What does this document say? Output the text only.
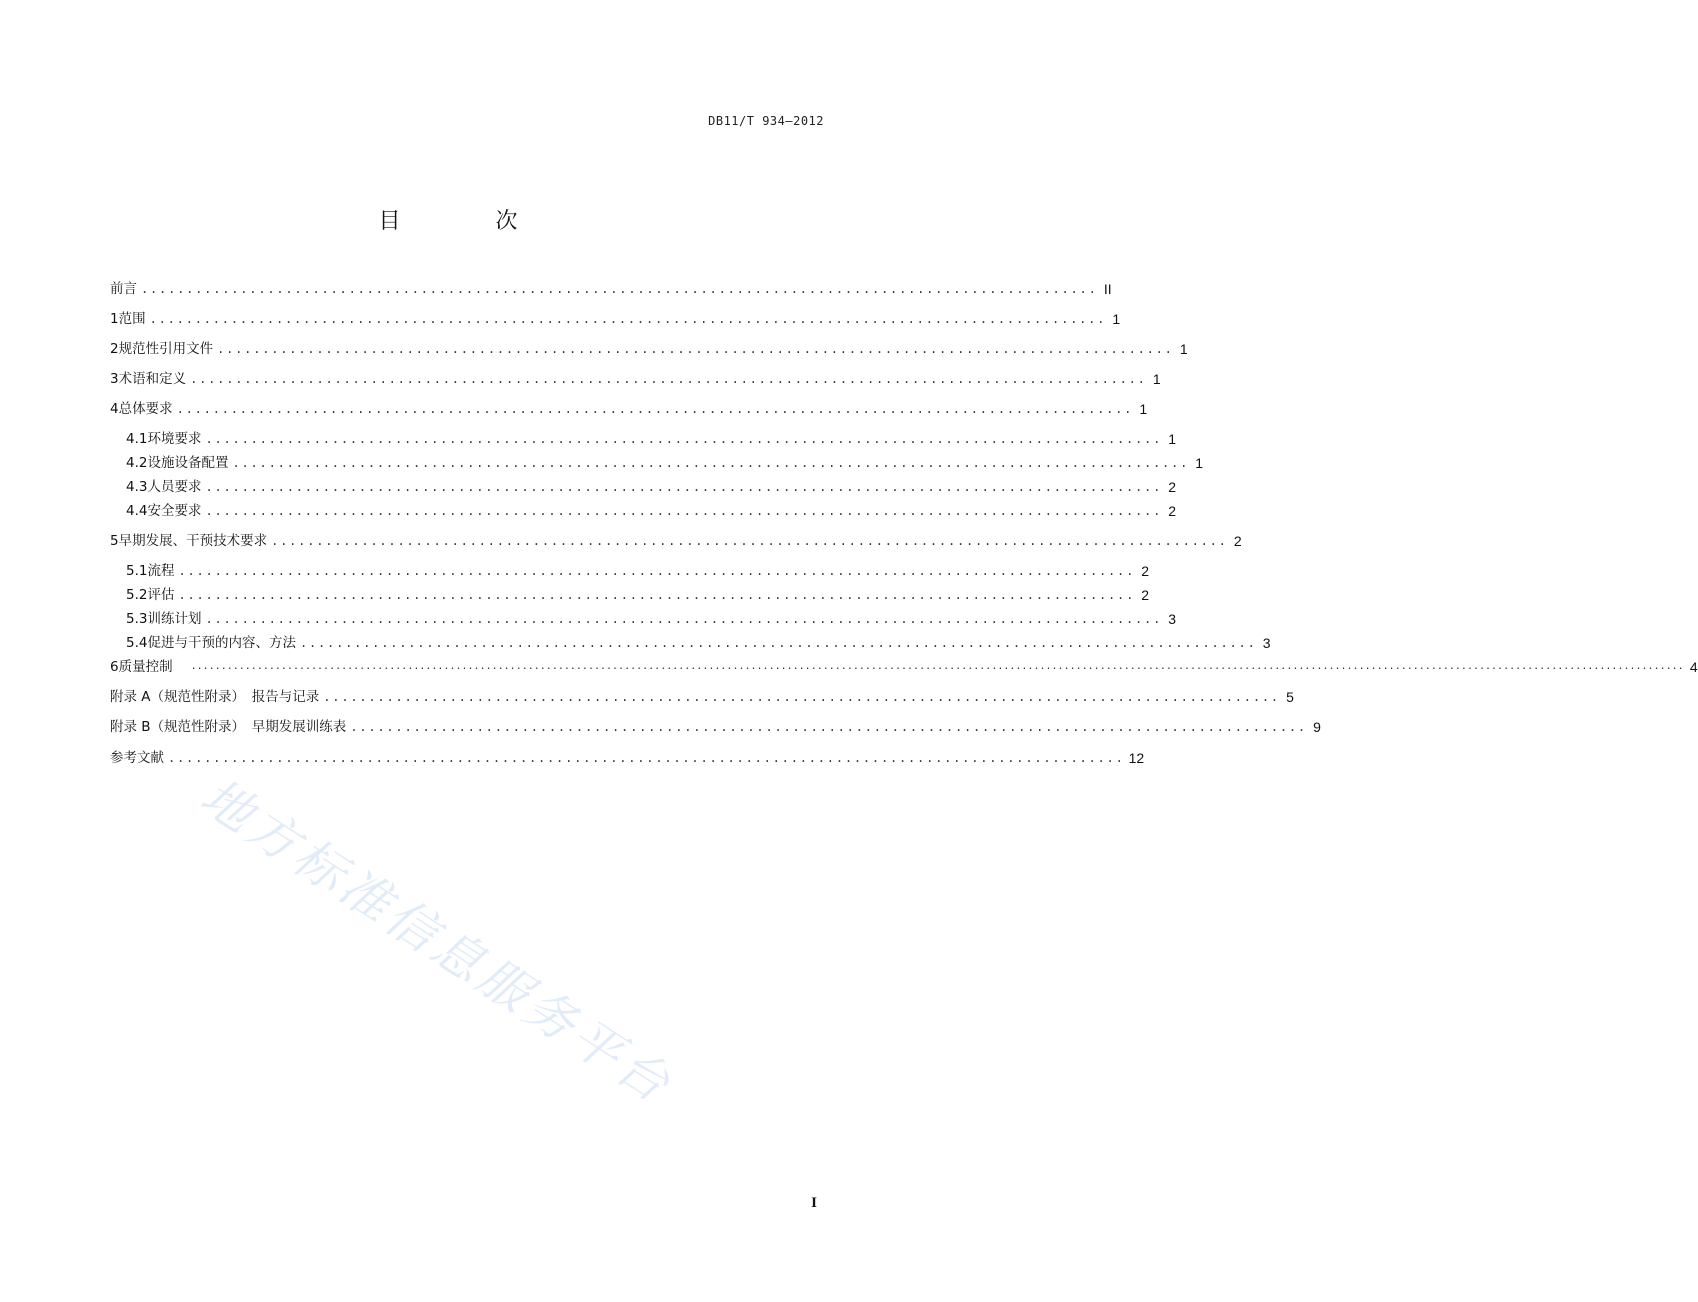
DB11/T 934—2012
目 次
前言 .......................................................................................................... II
1 范围 .......................................................................................................... 1
2 规范性引用文件 .......................................................................................................... 1
3 术语和定义 .......................................................................................................... 1
4 总体要求 .......................................................................................................... 1
4.1 环境要求 .......................................................................................................... 1
4.2 设施设备配置 .......................................................................................................... 1
4.3 人员要求 .......................................................................................................... 2
4.4 安全要求 .......................................................................................................... 2
5 早期发展、干预技术要求 .......................................................................................................... 2
5.1 流程 .......................................................................................................... 2
5.2 评估 .......................................................................................................... 2
5.3 训练计划 .......................................................................................................... 3
5.4 促进与干预的内容、方法 .......................................................................................................... 3
6 质量控制 ........................................................................................................................................................................................................................................................ 4
附录 A（规范性附录）　报告与记录 .......................................................................................................... 5
附录 B（规范性附录）　早期发展训练表 .......................................................................................................... 9
参考文献 .......................................................................................................... 12
地方标准信息服务平台
I
